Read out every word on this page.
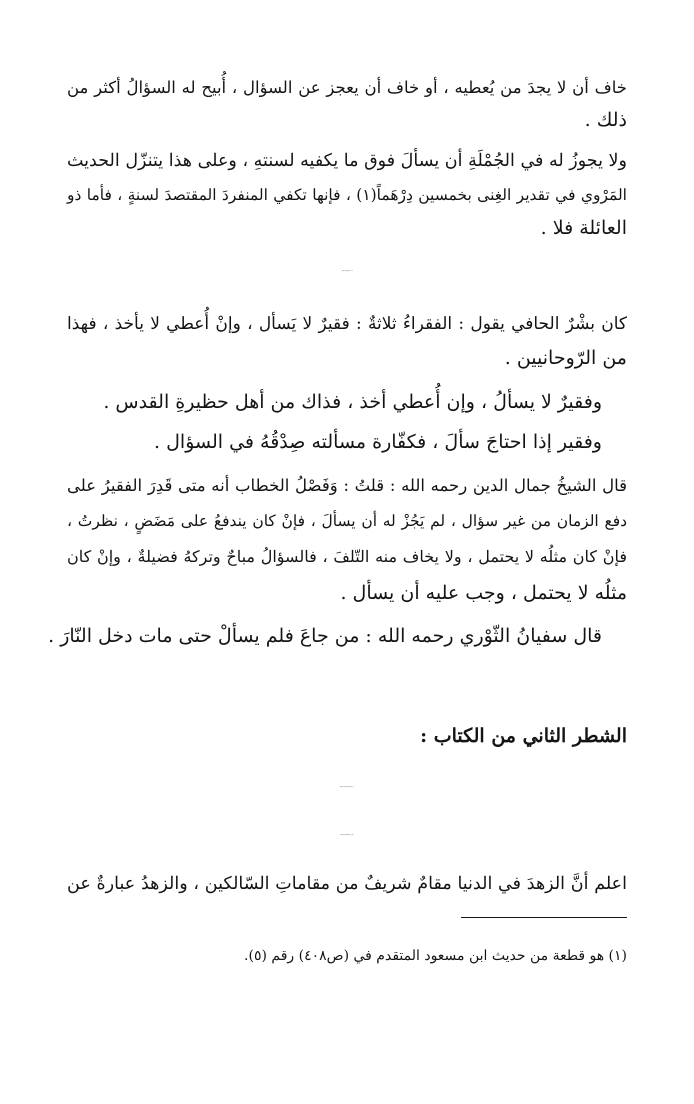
خاف أن لا يجدَ من يُعطيه ، أو خاف أن يعجز عن السؤال ، أُبيح له السؤالُ أكثر من
ذلك .
ولا يجوزُ له في الجُمْلَةِ أن يسألَ فوق ما يكفيه لسنتهِ ، وعلى هذا يتنزّل الحديث
المَرْوي في تقدير الغِنى بخمسين دِرْهَماً(١) ، فإنها تكفي المنفردَ المقتصدَ لسنةٍ ، فأما ذو
العائلة فلا .
٥ - بيــانُ أحوالِ الســائلين
كان بشْرٌ الحافي يقول : الفقراءُ ثلاثةٌ : فقيرٌ لا يَسأل ، وإنْ أُعطي لا يأخذ ، فهذا
من الرّوحانيين .
وفقيرٌ لا يسألُ ، وإن أُعطي أخذ ، فذاك من أهل حظيرةِ القدس .
وفقير إذا احتاجَ سألَ ، فكفّارة مسألته صِدْقُهُ في السؤال .
قال الشيخُ جمال الدين رحمه الله : قلتُ : وَفَصْلُ الخطاب أنه متى قَدِرَ الفقيرُ على
دفع الزمان من غير سؤال ، لم يَجُزْ له أن يسألَ ، فإنْ كان يندفعُ على مَضَضٍ ، نظرتُ ،
فإنْ كان مثلُه لا يحتمل ، ولا يخاف منه التّلفَ ، فالسؤالُ مباحٌ وتركهُ فضيلةٌ ، وإنْ كان
مثلُه لا يحتمل ، وجب عليه أن يسأل .
قال سفيانُ الثّوْري رحمه الله : من جاعَ فلم يسألْ حتى مات دخل النّارَ .
الشطر الثاني من الكتاب :
٦ - وفيه بيانُ حقيقةِ الزهد وفضيلته
وذكر درجاته وأقسامه ونحو ذلك
اعلم أنَّ الزهدَ في الدنيا مقامٌ شريفٌ من مقاماتِ السّالكين ، والزهدُ عبارةٌ عن
(١) هو قطعة من حديث ابن مسعود المتقدم في (ص٤٠٨) رقم (٥).
